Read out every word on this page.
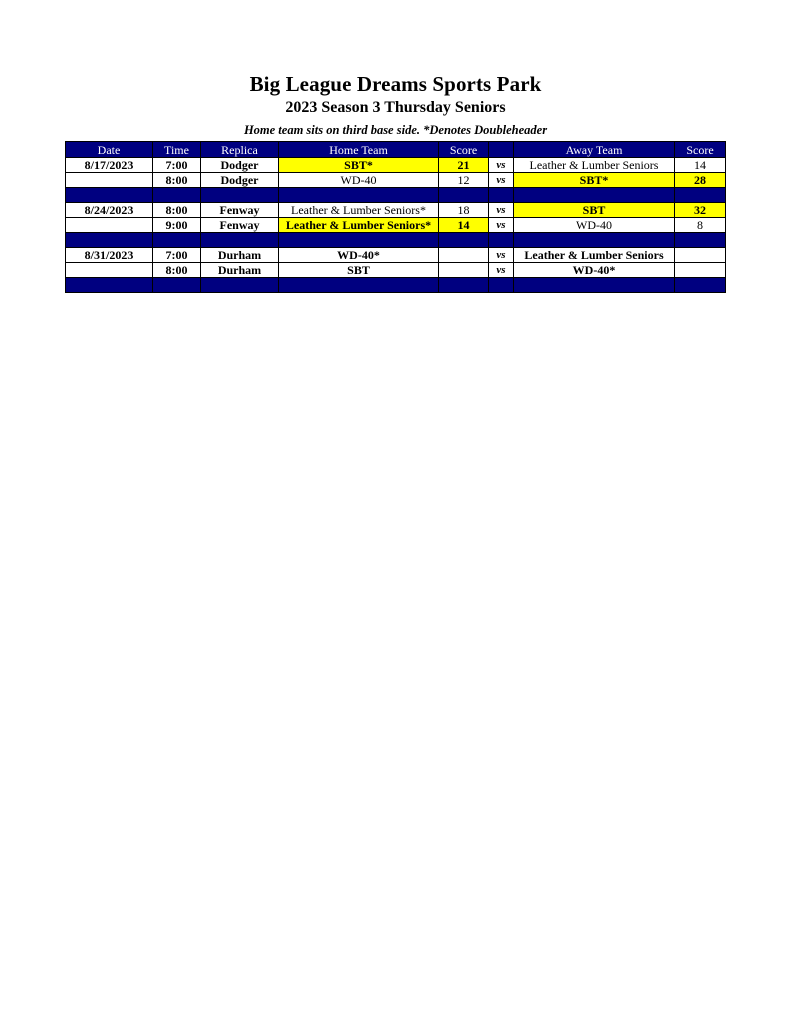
Big League Dreams Sports Park
2023 Season 3 Thursday Seniors
Home team sits on third base side. *Denotes Doubleheader
Date	Time	Replica	Home Team	Score		Away Team	Score
8/17/2023	7:00	Dodger	SBT*	21	vs	Leather & Lumber Seniors	14
	8:00	Dodger	WD-40	12	vs	SBT*	28

8/24/2023	8:00	Fenway	Leather & Lumber Seniors*	18	vs	SBT	32
	9:00	Fenway	Leather & Lumber Seniors*	14	vs	WD-40	8

8/31/2023	7:00	Durham	WD-40*		vs	Leather & Lumber Seniors	
	8:00	Durham	SBT		vs	WD-40*	
